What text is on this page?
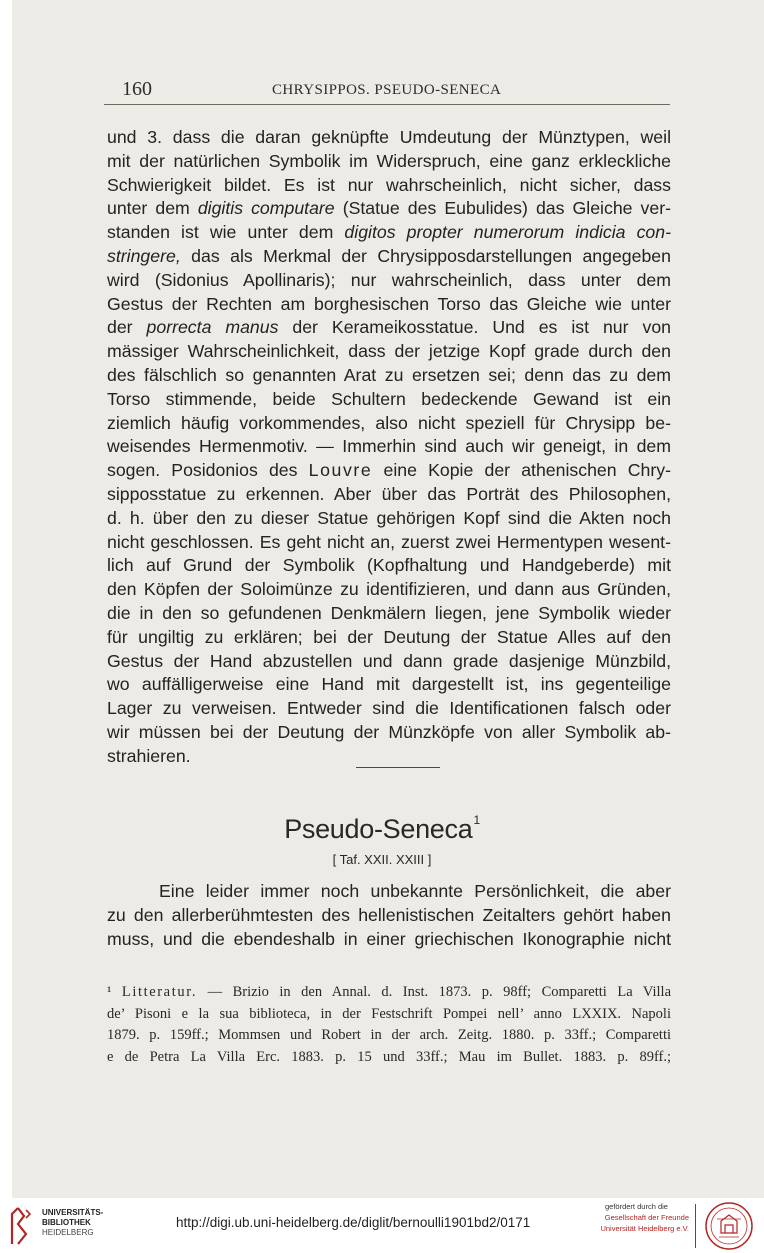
160	CHRYSIPPOS. PSEUDO-SENECA
und 3. dass die daran geknüpfte Umdeutung der Münztypen, weil
mit der natürlichen Symbolik im Widerspruch, eine ganz erkleckliche
Schwierigkeit bildet. Es ist nur wahrscheinlich, nicht sicher, dass
unter dem digitis computare (Statue des Eubulides) das Gleiche ver-
standen ist wie unter dem digitos propter numerorum indicia con-
stringere, das als Merkmal der Chrysipposdarstellungen angegeben
wird (Sidonius Apollinaris); nur wahrscheinlich, dass unter dem
Gestus der Rechten am borghesischen Torso das Gleiche wie unter
der porrecta manus der Kerameikosstatue. Und es ist nur von
mässiger Wahrscheinlichkeit, dass der jetzige Kopf grade durch den
des fälschlich so genannten Arat zu ersetzen sei; denn das zu dem
Torso stimmende, beide Schultern bedeckende Gewand ist ein
ziemlich häufig vorkommendes, also nicht speziell für Chrysipp be-
weisendes Hermenmotiv. — Immerhin sind auch wir geneigt, in dem
sogen. Posidonios des Louvre eine Kopie der athenischen Chry-
sipposstatue zu erkennen. Aber über das Porträt des Philosophen,
d. h. über den zu dieser Statue gehörigen Kopf sind die Akten noch
nicht geschlossen. Es geht nicht an, zuerst zwei Hermentypen wesent-
lich auf Grund der Symbolik (Kopfhaltung und Handgeberde) mit
den Köpfen der Soloimünze zu identifizieren, und dann aus Gründen,
die in den so gefundenen Denkmälern liegen, jene Symbolik wieder
für ungiltig zu erklären; bei der Deutung der Statue Alles auf den
Gestus der Hand abzustellen und dann grade dasjenige Münzbild,
wo auffälligerweise eine Hand mit dargestellt ist, ins gegenteilige
Lager zu verweisen. Entweder sind die Identificationen falsch oder
wir müssen bei der Deutung der Münzköpfe von aller Symbolik ab-
strahieren.
Pseudo-Seneca$^1$
[ Taf. XXII. XXIII ]
Eine leider immer noch unbekannte Persönlichkeit, die aber
zu den allerberühmtesten des hellenistischen Zeitalters gehört haben
muss, und die ebendeshalb in einer griechischen Ikonographie nicht
¹ Litteratur. — Brizio in den Annal. d. Inst. 1873. p. 98ff; Comparetti La Villa
de’ Pisoni e la sua biblioteca, in der Festschrift Pompei nell’ anno LXXIX. Napoli
1879. p. 159ff.; Mommsen und Robert in der arch. Zeitg. 1880. p. 33ff.; Comparetti
e de Petra La Villa Erc. 1883. p. 15 und 33ff.; Mau im Bullet. 1883. p. 89ff.;
UNIVERSITÄTS-
BIBLIOTHEK
HEIDELBERG
http://digi.ub.uni-heidelberg.de/diglit/bernoulli1901bd2/0171
gefördert durch die
Gesellschaft der Freunde
Universität Heidelberg e.V.
